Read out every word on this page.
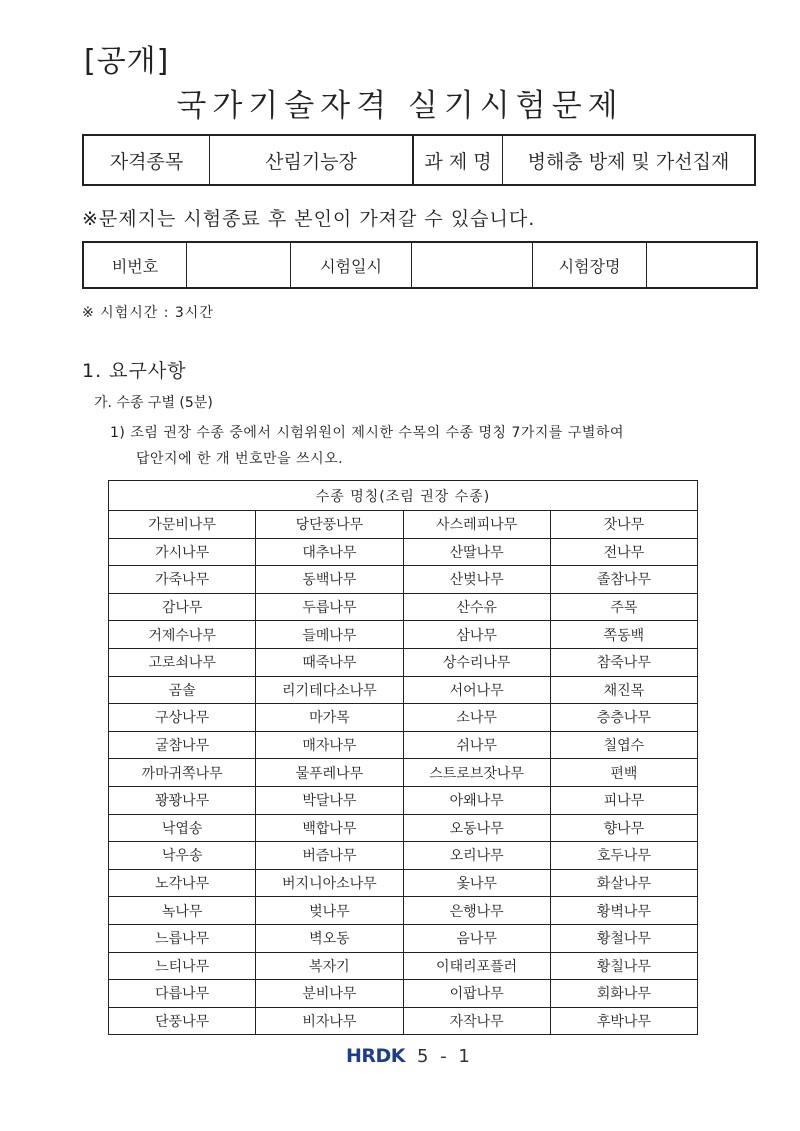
[공개]
국가기술자격 실기시험문제
자격종목	산림기능장	과 제 명	병해충 방제 및 가선집재
※문제지는 시험종료 후 본인이 가져갈 수 있습니다.
비번호		시험일시		시험장명	
※ 시험시간 : 3시간
1. 요구사항
가. 수종 구별 (5분)
1) 조림 권장 수종 중에서 시험위원이 제시한 수목의 수종 명칭 7가지를 구별하여
답안지에 한 개 번호만을 쓰시오.
수종 명칭(조림 권장 수종)			
가문비나무	당단풍나무	사스레피나무	잣나무
가시나무	대추나무	산딸나무	전나무
가죽나무	동백나무	산벚나무	졸참나무
감나무	두릅나무	산수유	주목
거제수나무	들메나무	삼나무	쪽동백
고로쇠나무	때죽나무	상수리나무	참죽나무
곰솔	리기테다소나무	서어나무	채진목
구상나무	마가목	소나무	층층나무
굴참나무	매자나무	쉬나무	칠엽수
까마귀쪽나무	물푸레나무	스트로브잣나무	편백
꽝꽝나무	박달나무	아왜나무	피나무
낙엽송	백합나무	오동나무	향나무
낙우송	버즘나무	오리나무	호두나무
노각나무	버지니아소나무	옻나무	화살나무
녹나무	벚나무	은행나무	황벽나무
느릅나무	벽오동	음나무	황철나무
느티나무	복자기	이태리포플러	황칠나무
다릅나무	분비나무	이팝나무	회화나무
단풍나무	비자나무	자작나무	후박나무
HRDK 5 - 1
